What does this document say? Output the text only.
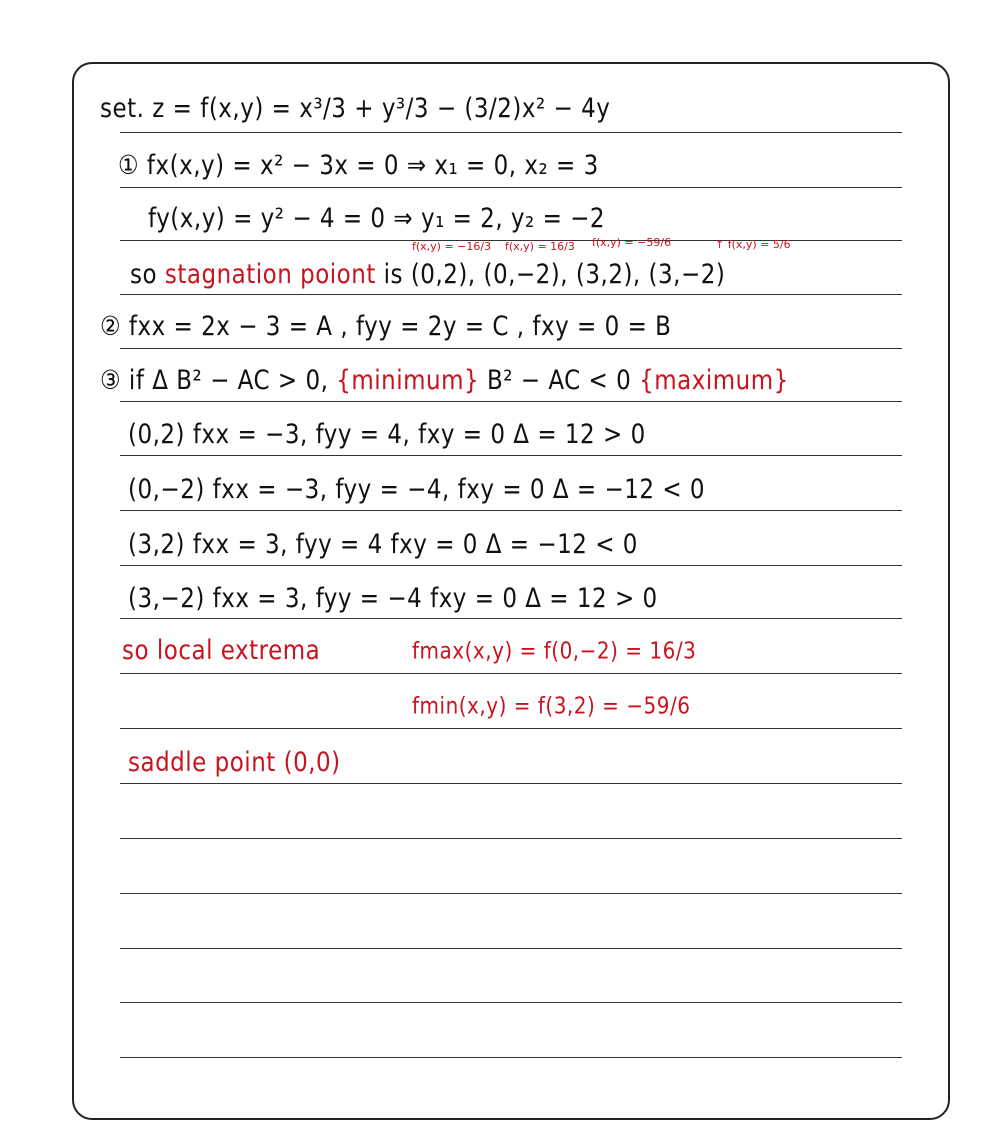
set. z = f(x,y) = x³/3 + y³/3 − (3/2)x² − 4y
① fx(x,y) = x² − 3x = 0 ⇒ x₁ = 0, x₂ = 3
fy(x,y) = y² − 4 = 0 ⇒ y₁ = 2, y₂ = −2
f(x,y) = −16/3 f(x,y) = 16/3 f(x,y) = −59/6	↑ f(x,y) = 5/6
so stagnation poiont is (0,2), (0,−2), (3,2), (3,−2)
② fxx = 2x − 3 = A , fyy = 2y = C , fxy = 0 = B
③ if Δ B² − AC > 0, {minimum} B² − AC < 0 {maximum}
(0,2) fxx = −3, fyy = 4, fxy = 0 Δ = 12 > 0
(0,−2) fxx = −3, fyy = −4, fxy = 0 Δ = −12 < 0
(3,2) fxx = 3, fyy = 4 fxy = 0 Δ = −12 < 0
(3,−2) fxx = 3, fyy = −4 fxy = 0 Δ = 12 > 0
so local extrema	fmax(x,y) = f(0,−2) = 16/3
fmin(x,y) = f(3,2) = −59/6
saddle point (0,0)
